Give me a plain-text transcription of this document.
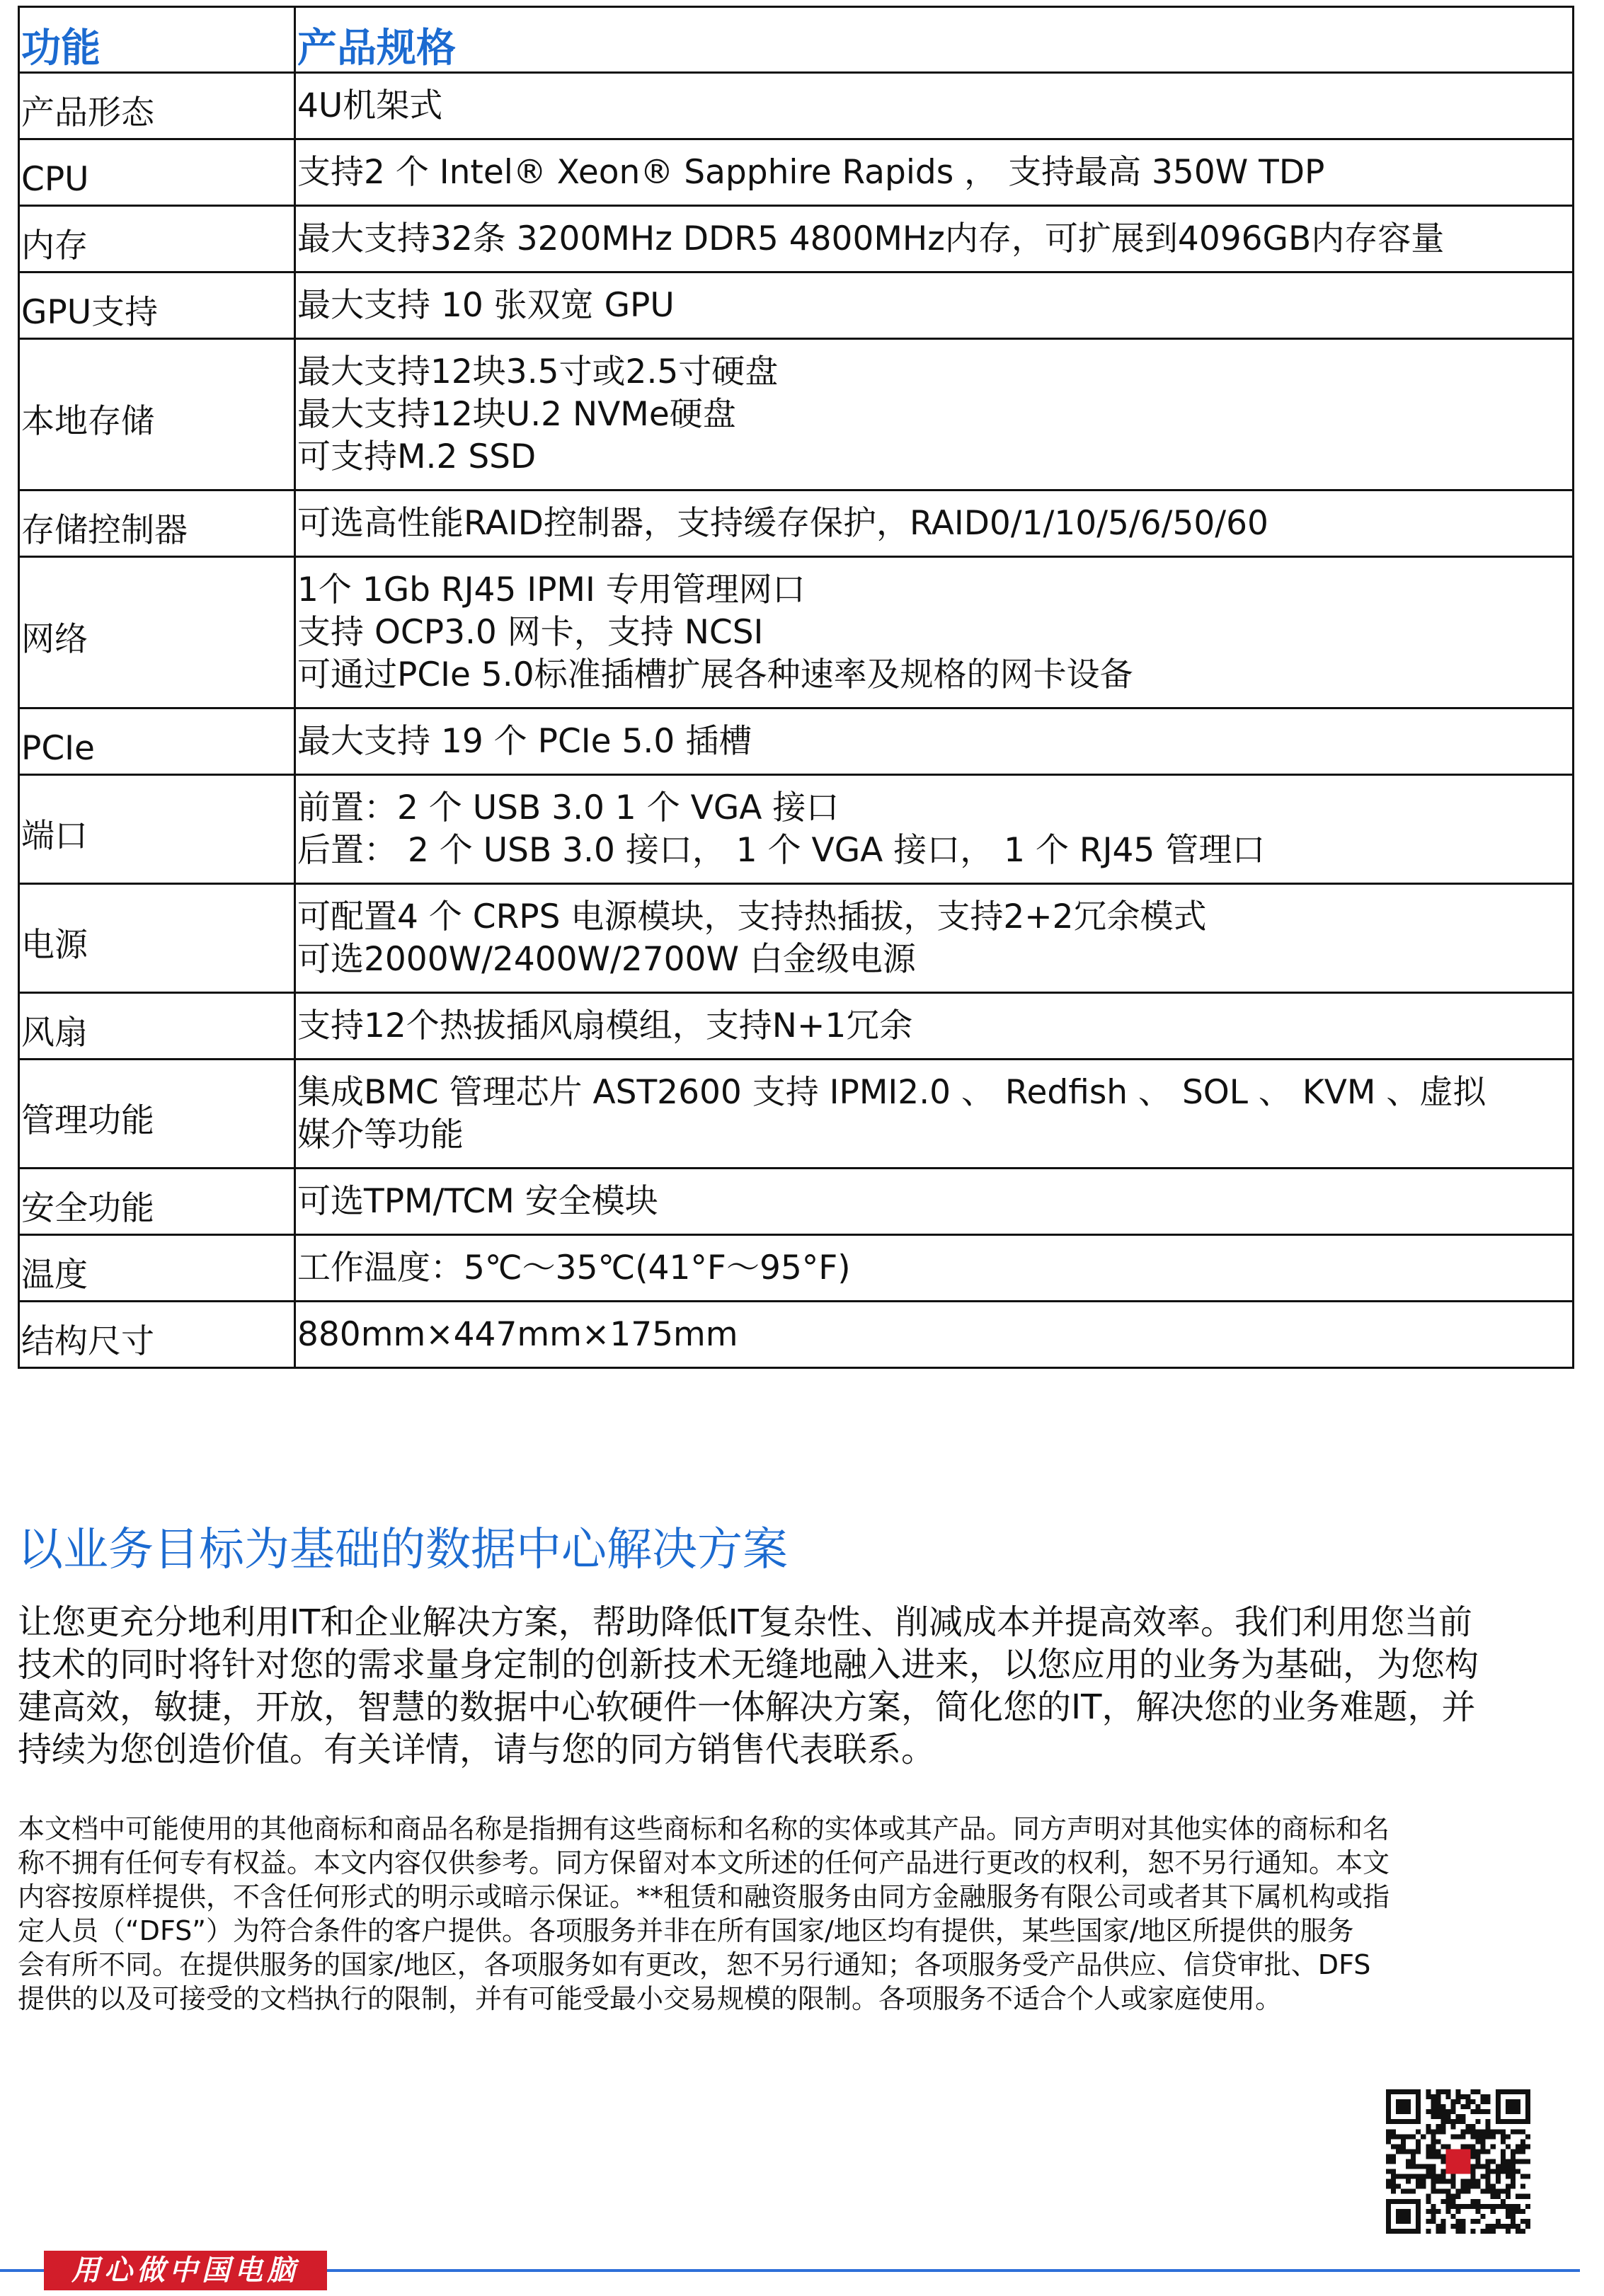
功能	产品规格
产品形态	4U机架式

CPU	支持2 个 Intel® Xeon® Sapphire Rapids ， 支持最高 350W TDP

内存	最大支持32条 3200MHz DDR5 4800MHz内存，可扩展到4096GB内存容量

GPU支持	最大支持 10 张双宽 GPU

本地存储	最大支持12块3.5寸或2.5寸硬盘
最大支持12块U.2 NVMe硬盘
可支持M.2 SSD

存储控制器	可选高性能RAID控制器，支持缓存保护，RAID0/1/10/5/6/50/60

网络	1个 1Gb RJ45 IPMI 专用管理网口
支持 OCP3.0 网卡，支持 NCSI
可通过PCIe 5.0标准插槽扩展各种速率及规格的网卡设备

PCIe	最大支持 19 个 PCIe 5.0 插槽

端口	前置：2 个 USB 3.0 1 个 VGA 接口
后置： 2 个 USB 3.0 接口， 1 个 VGA 接口， 1 个 RJ45 管理口

电源	可配置4 个 CRPS 电源模块，支持热插拔，支持2+2冗余模式
可选2000W/2400W/2700W 白金级电源

风扇	支持12个热拔插风扇模组，支持N+1冗余

管理功能	集成BMC 管理芯片 AST2600 支持 IPMI2.0 、 Redfish 、 SOL 、 KVM 、虚拟
媒介等功能

安全功能	可选TPM/TCM 安全模块

温度	工作温度：5℃～35℃(41°F～95°F)

结构尺寸	880mm×447mm×175mm
以业务目标为基础的数据中心解决方案
让您更充分地利用IT和企业解决方案，帮助降低IT复杂性、削减成本并提高效率。我们利用您当前
技术的同时将针对您的需求量身定制的创新技术无缝地融入进来，以您应用的业务为基础，为您构
建高效，敏捷，开放，智慧的数据中心软硬件一体解决方案，简化您的IT，解决您的业务难题，并
持续为您创造价值。有关详情，请与您的同方销售代表联系。
本文档中可能使用的其他商标和商品名称是指拥有这些商标和名称的实体或其产品。同方声明对其他实体的商标和名
称不拥有任何专有权益。本文内容仅供参考。同方保留对本文所述的任何产品进行更改的权利，恕不另行通知。本文
内容按原样提供，不含任何形式的明示或暗示保证。**租赁和融资服务由同方金融服务有限公司或者其下属机构或指
定人员（“DFS”）为符合条件的客户提供。各项服务并非在所有国家/地区均有提供，某些国家/地区所提供的服务
会有所不同。在提供服务的国家/地区，各项服务如有更改，恕不另行通知；各项服务受产品供应、信贷审批、DFS
提供的以及可接受的文档执行的限制，并有可能受最小交易规模的限制。各项服务不适合个人或家庭使用。
用心做中国电脑
